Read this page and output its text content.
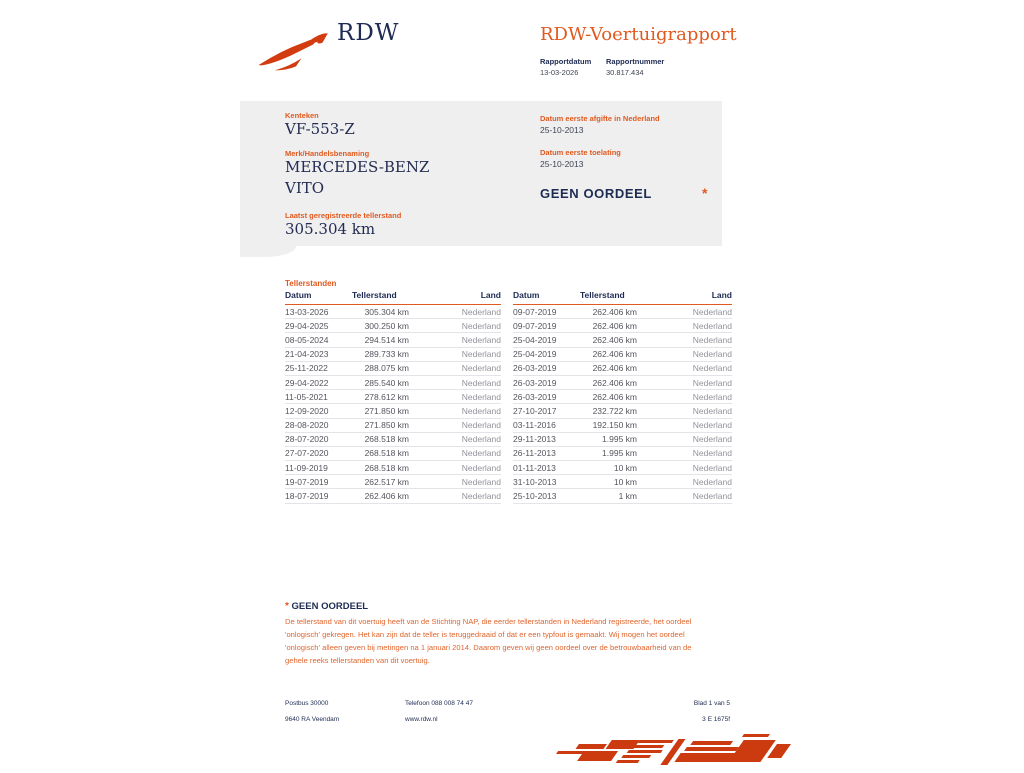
RDW	RDW-Voertuigrapport
Rapportdatum Rapportnummer
13-03-2026	30.817.434
Kenteken
VF-553-Z
Merk/Handelsbenaming
MERCEDES-BENZ
VITO
Laatst geregistreerde tellerstand
305.304 km
Datum eerste afgifte in Nederland
25-10-2013
Datum eerste toelating
25-10-2013
GEEN OORDEEL	*
Tellerstanden
Datum	Tellerstand	Land
13-03-2026	305.304 km	Nederland
29-04-2025	300.250 km	Nederland
08-05-2024	294.514 km	Nederland
21-04-2023	289.733 km	Nederland
25-11-2022	288.075 km	Nederland
29-04-2022	285.540 km	Nederland
11-05-2021	278.612 km	Nederland
12-09-2020	271.850 km	Nederland
28-08-2020	271.850 km	Nederland
28-07-2020	268.518 km	Nederland
27-07-2020	268.518 km	Nederland
11-09-2019	268.518 km	Nederland
19-07-2019	262.517 km	Nederland
18-07-2019	262.406 km	Nederland
Datum	Tellerstand	Land
09-07-2019	262.406 km	Nederland
09-07-2019	262.406 km	Nederland
25-04-2019	262.406 km	Nederland
25-04-2019	262.406 km	Nederland
26-03-2019	262.406 km	Nederland
26-03-2019	262.406 km	Nederland
26-03-2019	262.406 km	Nederland
27-10-2017	232.722 km	Nederland
03-11-2016	192.150 km	Nederland
29-11-2013	1.995 km	Nederland
26-11-2013	1.995 km	Nederland
01-11-2013	10 km	Nederland
31-10-2013	10 km	Nederland
25-10-2013	1 km	Nederland
* GEEN OORDEEL
De tellerstand van dit voertuig heeft van de Stichting NAP, die eerder tellerstanden in Nederland registreerde, het oordeel 'onlogisch' gekregen. Het kan zijn dat de teller is teruggedraaid of dat er een typfout is gemaakt. Wij mogen het oordeel 'onlogisch' alleen geven bij metingen na 1 januari 2014. Daarom geven wij geen oordeel over de betrouwbaarheid van de gehele reeks tellerstanden van dit voertuig.
Postbus 30000
9640 RA Veendam
Telefoon 088 008 74 47
www.rdw.nl
Blad 1 van 5
3 E 1675f
